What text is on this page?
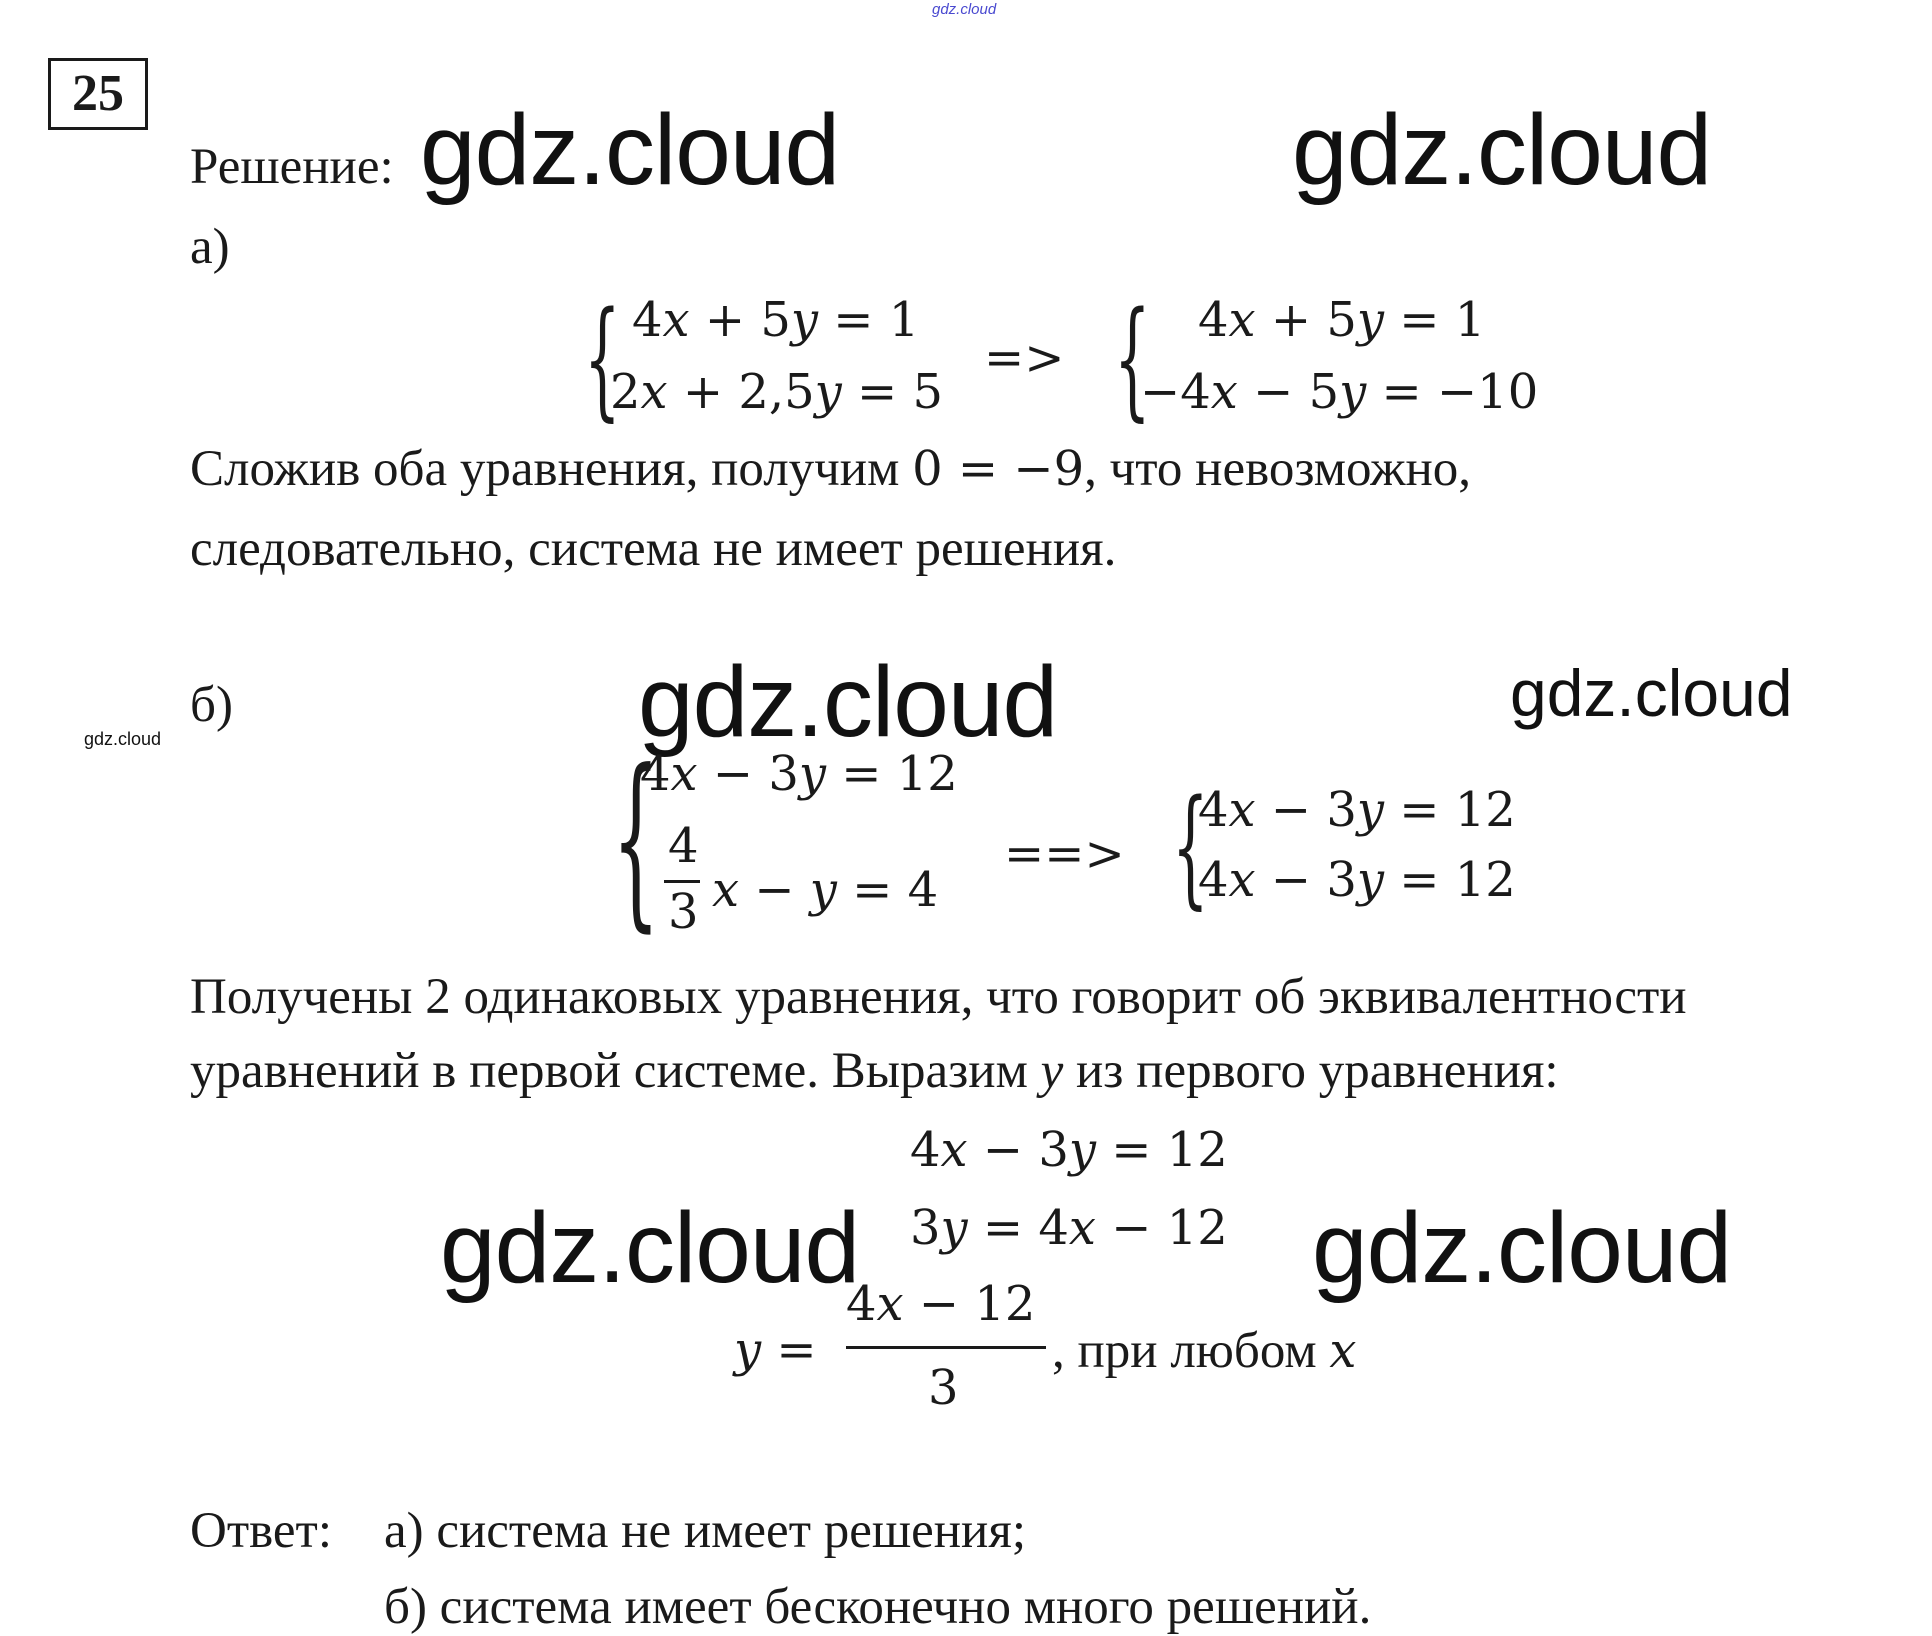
gdz.cloud
gdz.cloud	gdz.cloud
gdz.cloud	gdz.cloud
gdz.cloud
gdz.cloud	gdz.cloud
25
Решение:
а)
{ 4𝑥 + 5𝑦 = 1
2𝑥 + 2,5𝑦 = 5
=> { 4𝑥 + 5𝑦 = 1
−4𝑥 − 5𝑦 = −10
Сложив оба уравнения, получим 0 = −9, что невозможно,
следовательно, система не имеет решения.
б)
{
4𝑥 − 3𝑦 = 12
4
3 𝑥 − 𝑦 = 4
==> {
4𝑥 − 3𝑦 = 12
4𝑥 − 3𝑦 = 12
Получены 2 одинаковых уравнения, что говорит об эквивалентности
уравнений в первой системе. Выразим y из первого уравнения:
4𝑥 − 3𝑦 = 12
3𝑦 = 4𝑥 − 12
4𝑥 − 12
𝑦 =
3
, при любом 𝑥
Ответ: а) система не имеет решения;
б) система имеет бесконечно много решений.
